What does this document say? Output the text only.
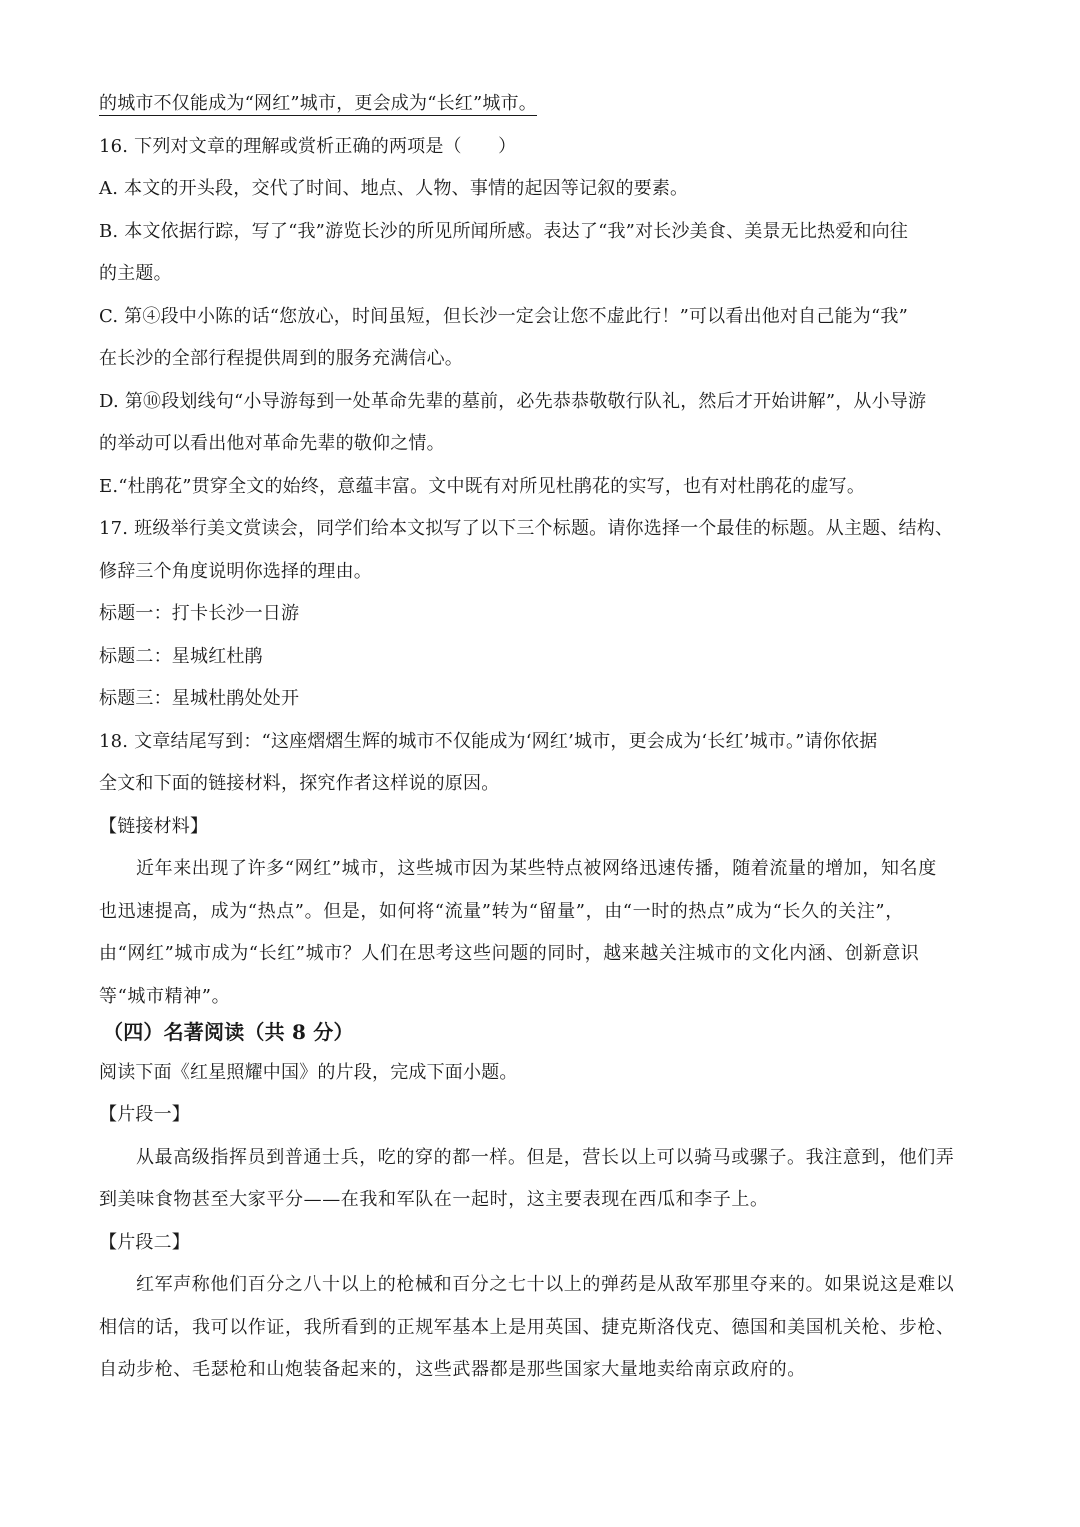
的城市不仅能成为“网红”城市，更会成为“长红”城市。
16. 下列对文章的理解或赏析正确的两项是（　　）
A. 本文的开头段，交代了时间、地点、人物、事情的起因等记叙的要素。
B. 本文依据行踪，写了“我”游览长沙的所见所闻所感。表达了“我”对长沙美食、美景无比热爱和向往
的主题。
C. 第④段中小陈的话“您放心，时间虽短，但长沙一定会让您不虚此行！”可以看出他对自己能为“我”
在长沙的全部行程提供周到的服务充满信心。
D. 第⑩段划线句“小导游每到一处革命先辈的墓前，必先恭恭敬敬行队礼，然后才开始讲解”，从小导游
的举动可以看出他对革命先辈的敬仰之情。
E.“杜鹃花”贯穿全文的始终，意蕴丰富。文中既有对所见杜鹃花的实写，也有对杜鹃花的虚写。
17. 班级举行美文赏读会，同学们给本文拟写了以下三个标题。请你选择一个最佳的标题。从主题、结构、
修辞三个角度说明你选择的理由。
标题一：打卡长沙一日游
标题二：星城红杜鹃
标题三：星城杜鹃处处开
18. 文章结尾写到：“这座熠熠生辉的城市不仅能成为‘网红’城市，更会成为‘长红’城市。”请你依据
全文和下面的链接材料，探究作者这样说的原因。
【链接材料】
近年来出现了许多“网红”城市，这些城市因为某些特点被网络迅速传播，随着流量的增加，知名度
也迅速提高，成为“热点”。但是，如何将“流量”转为“留量”，由“一时的热点”成为“长久的关注”，
由“网红”城市成为“长红”城市？人们在思考这些问题的同时，越来越关注城市的文化内涵、创新意识
等“城市精神”。
（四）名著阅读（共 8 分）
阅读下面《红星照耀中国》的片段，完成下面小题。
【片段一】
从最高级指挥员到普通士兵，吃的穿的都一样。但是，营长以上可以骑马或骡子。我注意到，他们弄
到美味食物甚至大家平分——在我和军队在一起时，这主要表现在西瓜和李子上。
【片段二】
红军声称他们百分之八十以上的枪械和百分之七十以上的弹药是从敌军那里夺来的。如果说这是难以
相信的话，我可以作证，我所看到的正规军基本上是用英国、捷克斯洛伐克、德国和美国机关枪、步枪、
自动步枪、毛瑟枪和山炮装备起来的，这些武器都是那些国家大量地卖给南京政府的。
